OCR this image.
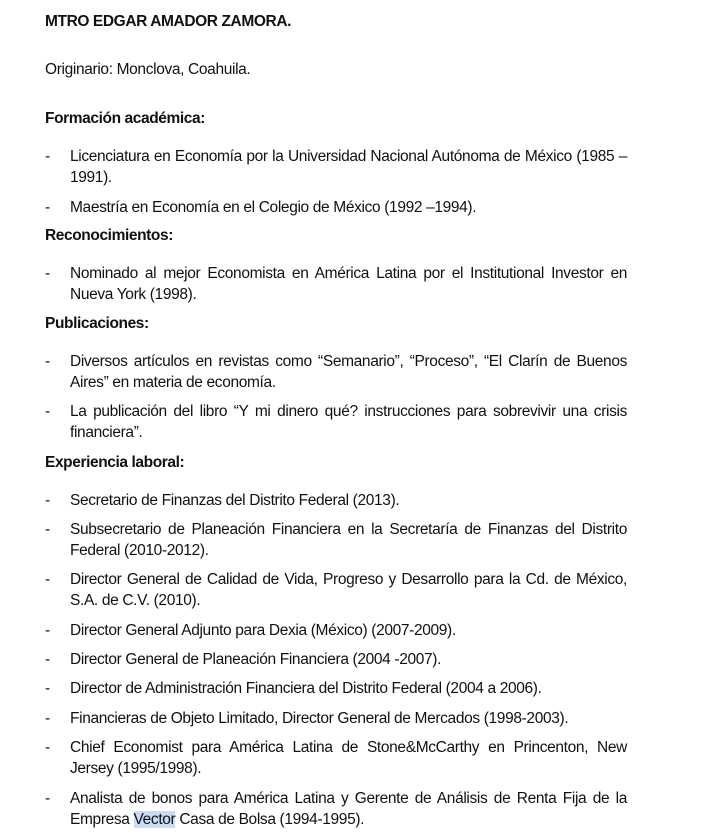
MTRO EDGAR AMADOR ZAMORA.
Originario: Monclova, Coahuila.
Formación académica:
- Licenciatura en Economía por la Universidad Nacional Autónoma de México (1985 – 1991).
- Maestría en Economía en el Colegio de México (1992 –1994).
Reconocimientos:
- Nominado al mejor Economista en América Latina por el Institutional Investor en Nueva York (1998).
Publicaciones:
- Diversos artículos en revistas como “Semanario”, “Proceso”, “El Clarín de Buenos Aires” en materia de economía.
- La publicación del libro “Y mi dinero qué? instrucciones para sobrevivir una crisis financiera”.
Experiencia laboral:
- Secretario de Finanzas del Distrito Federal (2013).
- Subsecretario de Planeación Financiera en la Secretaría de Finanzas del Distrito Federal (2010-2012).
- Director General de Calidad de Vida, Progreso y Desarrollo para la Cd. de México, S.A. de C.V. (2010).
- Director General Adjunto para Dexia (México) (2007-2009).
- Director General de Planeación Financiera (2004 -2007).
- Director de Administración Financiera del Distrito Federal (2004 a 2006).
- Financieras de Objeto Limitado, Director General de Mercados (1998-2003).
- Chief Economist para América Latina de Stone&McCarthy en Princenton, New Jersey (1995/1998).
- Analista de bonos para América Latina y Gerente de Análisis de Renta Fija de la Empresa Vector Casa de Bolsa (1994-1995).
